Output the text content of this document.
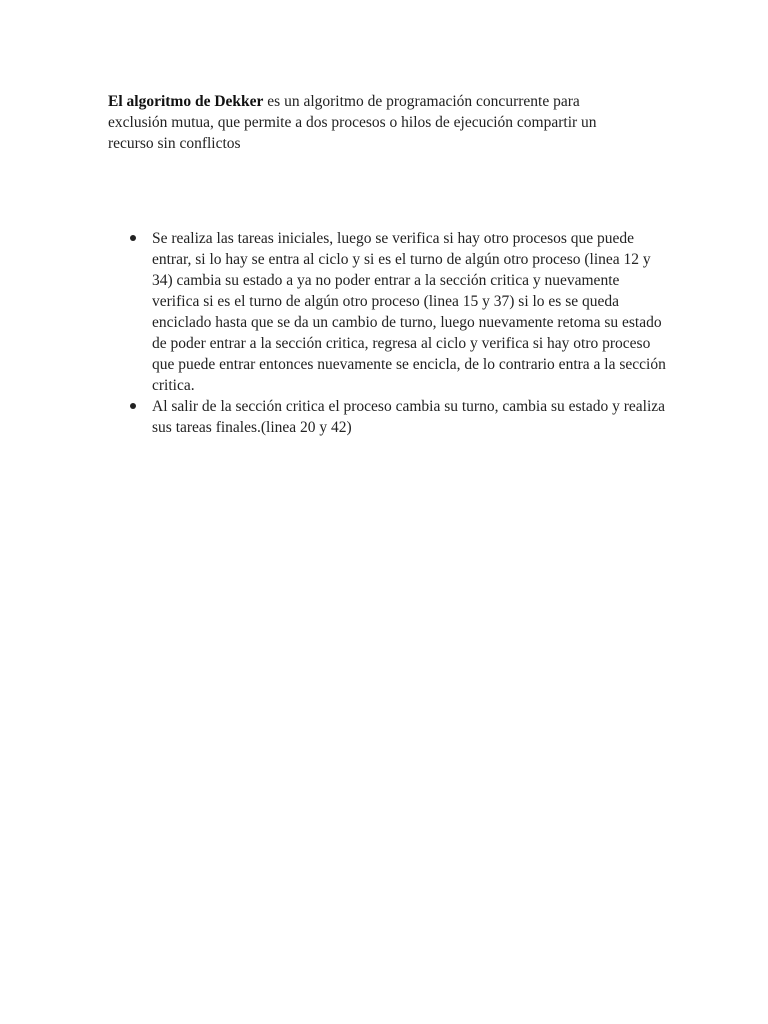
El algoritmo de Dekker es un algoritmo de programación concurrente para exclusión mutua, que permite a dos procesos o hilos de ejecución compartir un recurso sin conflictos

Se realiza las tareas iniciales, luego se verifica si hay otro procesos que puede entrar, si lo hay se entra al ciclo y si es el turno de algún otro proceso (linea 12 y 34) cambia su estado a ya no poder entrar a la sección critica y nuevamente verifica si es el turno de algún otro proceso (linea 15 y 37) si lo es se queda enciclado hasta que se da un cambio de turno, luego nuevamente retoma su estado de poder entrar a la sección critica, regresa al ciclo y verifica si hay otro proceso que puede entrar entonces nuevamente se encicla, de lo contrario entra a la sección critica.
Al salir de la sección critica el proceso cambia su turno, cambia su estado y realiza sus tareas finales.(linea 20 y 42)
